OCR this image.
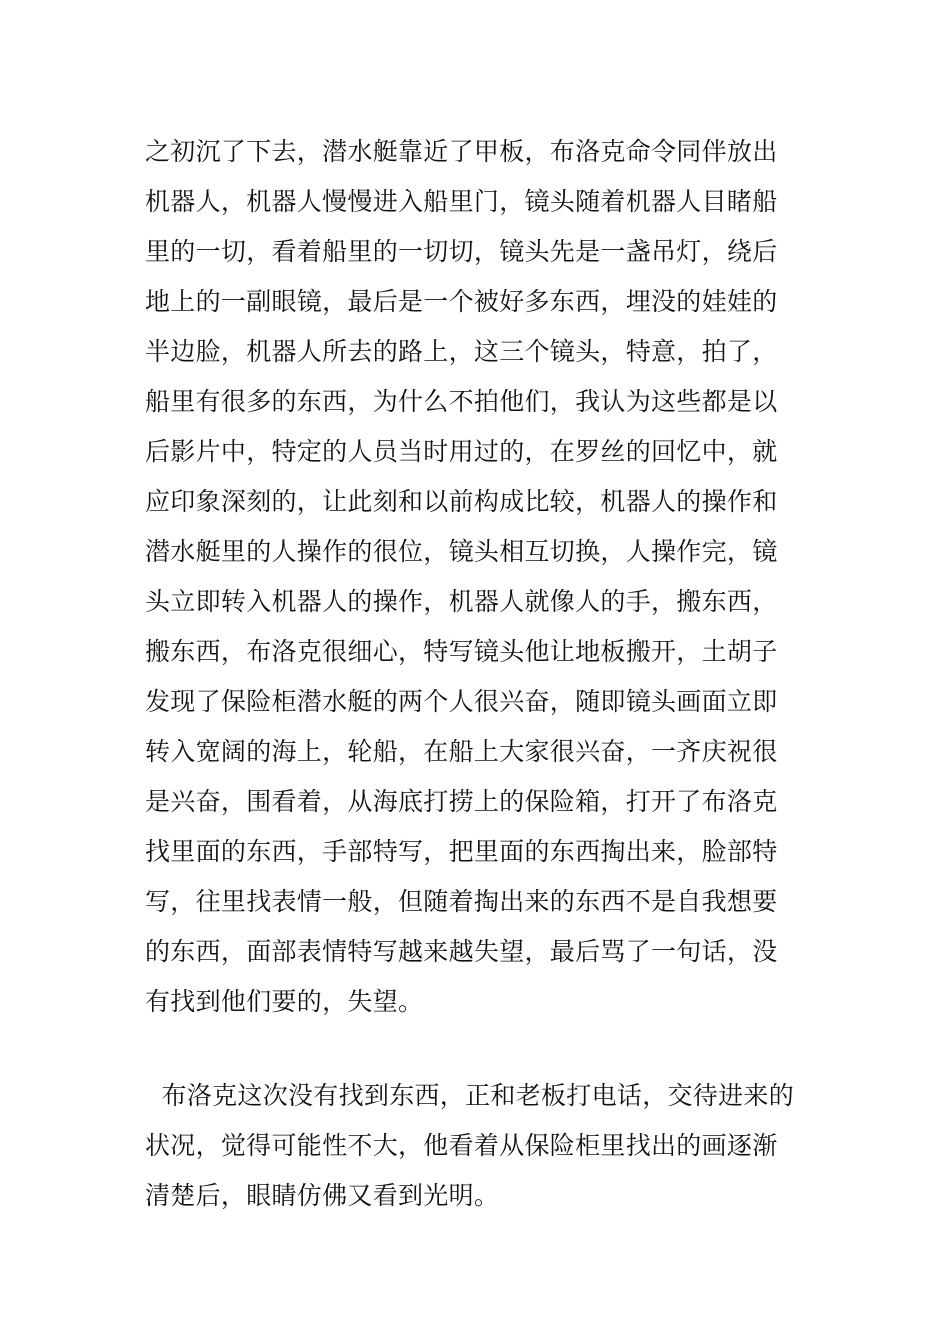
之初沉了下去，潜水艇靠近了甲板，布洛克命令同伴放出
机器人，机器人慢慢进入船里门，镜头随着机器人目睹船
里的一切，看着船里的一切切，镜头先是一盏吊灯，绕后
地上的一副眼镜，最后是一个被好多东西，埋没的娃娃的
半边脸，机器人所去的路上，这三个镜头，特意，拍了，
船里有很多的东西，为什么不拍他们，我认为这些都是以
后影片中，特定的人员当时用过的，在罗丝的回忆中，就
应印象深刻的，让此刻和以前构成比较，机器人的操作和
潜水艇里的人操作的很位，镜头相互切换，人操作完，镜
头立即转入机器人的操作，机器人就像人的手，搬东西，
搬东西，布洛克很细心，特写镜头他让地板搬开，土胡子
发现了保险柜潜水艇的两个人很兴奋，随即镜头画面立即
转入宽阔的海上，轮船，在船上大家很兴奋，一齐庆祝很
是兴奋，围看着，从海底打捞上的保险箱，打开了布洛克
找里面的东西，手部特写，把里面的东西掏出来，脸部特
写，往里找表情一般，但随着掏出来的东西不是自我想要
的东西，面部表情特写越来越失望，最后骂了一句话，没
有找到他们要的，失望。
布洛克这次没有找到东西，正和老板打电话，交待进来的
状况，觉得可能性不大，他看着从保险柜里找出的画逐渐
清楚后，眼睛仿佛又看到光明。
